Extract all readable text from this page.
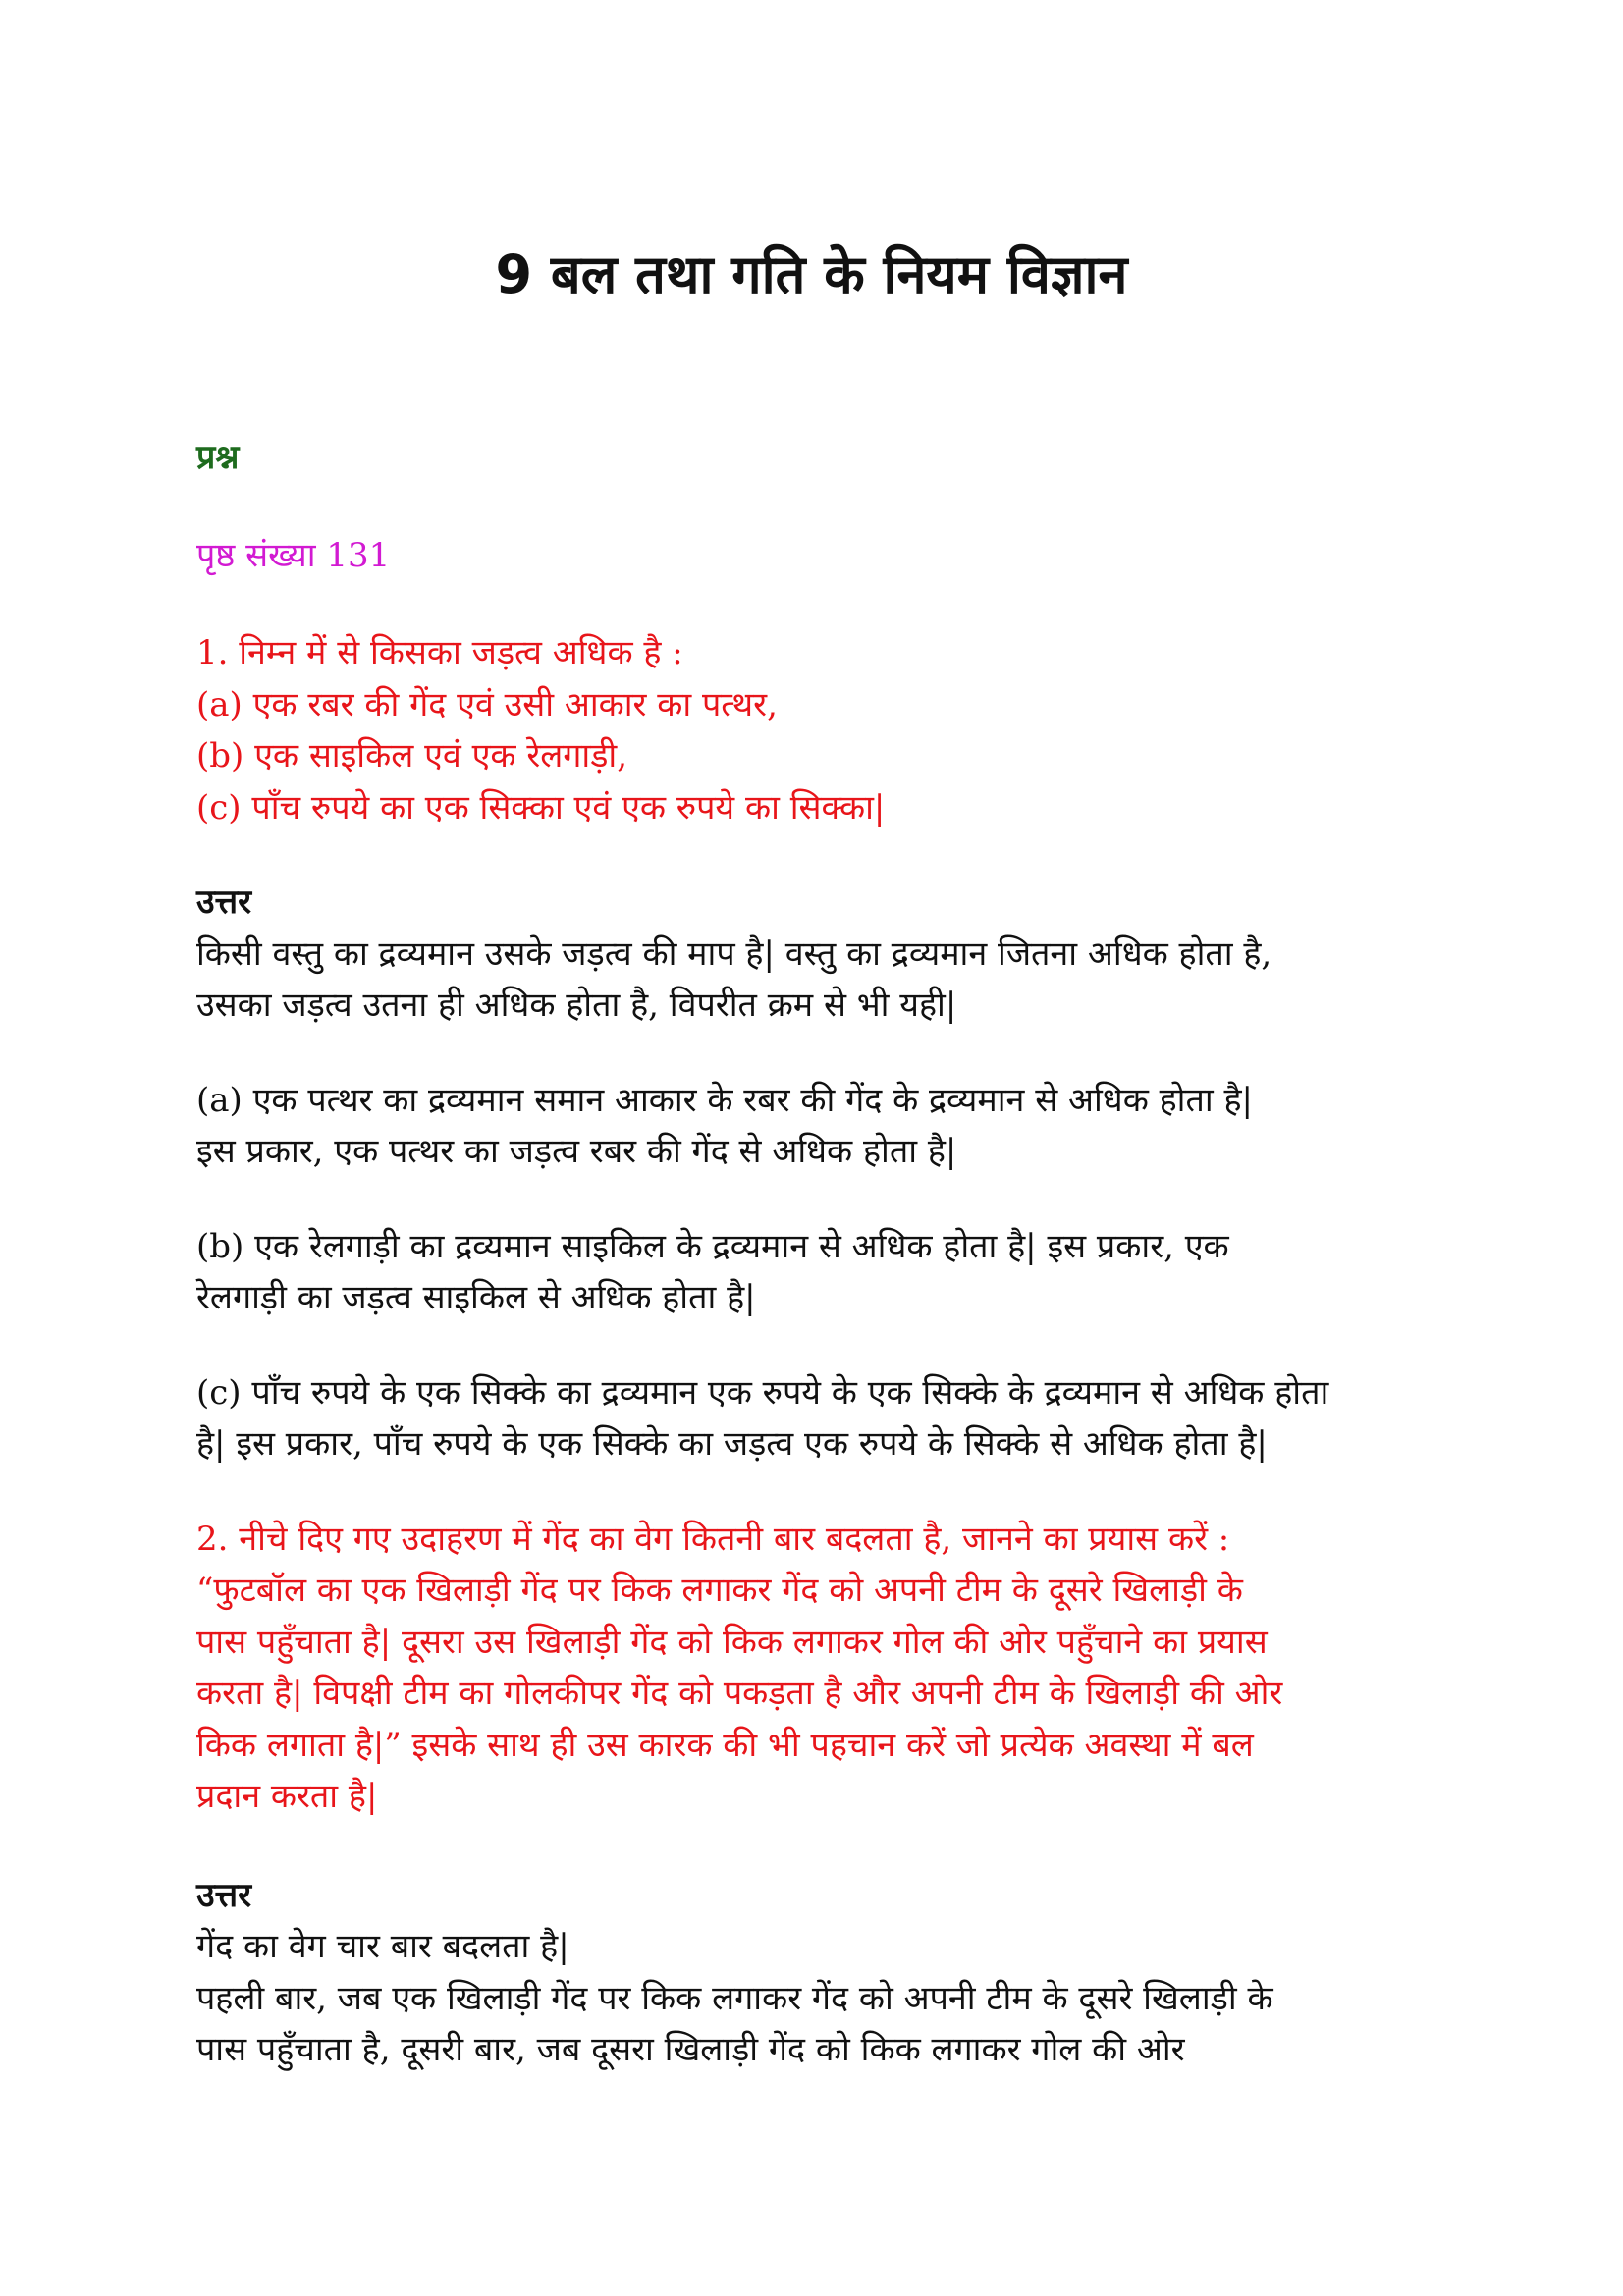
9 बल तथा गति के नियम विज्ञान

प्रश्न

पृष्ठ संख्या 131

1. निम्न में से किसका जड़त्व अधिक है :

(a) एक रबर की गेंद एवं उसी आकार का पत्थर,

(b) एक साइकिल एवं एक रेलगाड़ी,

(c) पाँच रुपये का एक सिक्का एवं एक रुपये का सिक्का|

उत्तर

किसी वस्तु का द्रव्यमान उसके जड़त्व की माप है| वस्तु का द्रव्यमान जितना अधिक होता है,

उसका जड़त्व उतना ही अधिक होता है, विपरीत क्रम से भी यही|

(a) एक पत्थर का द्रव्यमान समान आकार के रबर की गेंद के द्रव्यमान से अधिक होता है|

इस प्रकार, एक पत्थर का जड़त्व रबर की गेंद से अधिक होता है|

(b) एक रेलगाड़ी का द्रव्यमान साइकिल के द्रव्यमान से अधिक होता है| इस प्रकार, एक

रेलगाड़ी का जड़त्व साइकिल से अधिक होता है|

(c) पाँच रुपये के एक सिक्के का द्रव्यमान एक रुपये के एक सिक्के के द्रव्यमान से अधिक होता

है| इस प्रकार, पाँच रुपये के एक सिक्के का जड़त्व एक रुपये के सिक्के से अधिक होता है|

2. नीचे दिए गए उदाहरण में गेंद का वेग कितनी बार बदलता है, जानने का प्रयास करें :

“फुटबॉल का एक खिलाड़ी गेंद पर किक लगाकर गेंद को अपनी टीम के दूसरे खिलाड़ी के

पास पहुँचाता है| दूसरा उस खिलाड़ी गेंद को किक लगाकर गोल की ओर पहुँचाने का प्रयास

करता है| विपक्षी टीम का गोलकीपर गेंद को पकड़ता है और अपनी टीम के खिलाड़ी की ओर

किक लगाता है|” इसके साथ ही उस कारक की भी पहचान करें जो प्रत्येक अवस्था में बल

प्रदान करता है|

उत्तर

गेंद का वेग चार बार बदलता है|

पहली बार, जब एक खिलाड़ी गेंद पर किक लगाकर गेंद को अपनी टीम के दूसरे खिलाड़ी के

पास पहुँचाता है, दूसरी बार, जब दूसरा खिलाड़ी गेंद को किक लगाकर गोल की ओर
